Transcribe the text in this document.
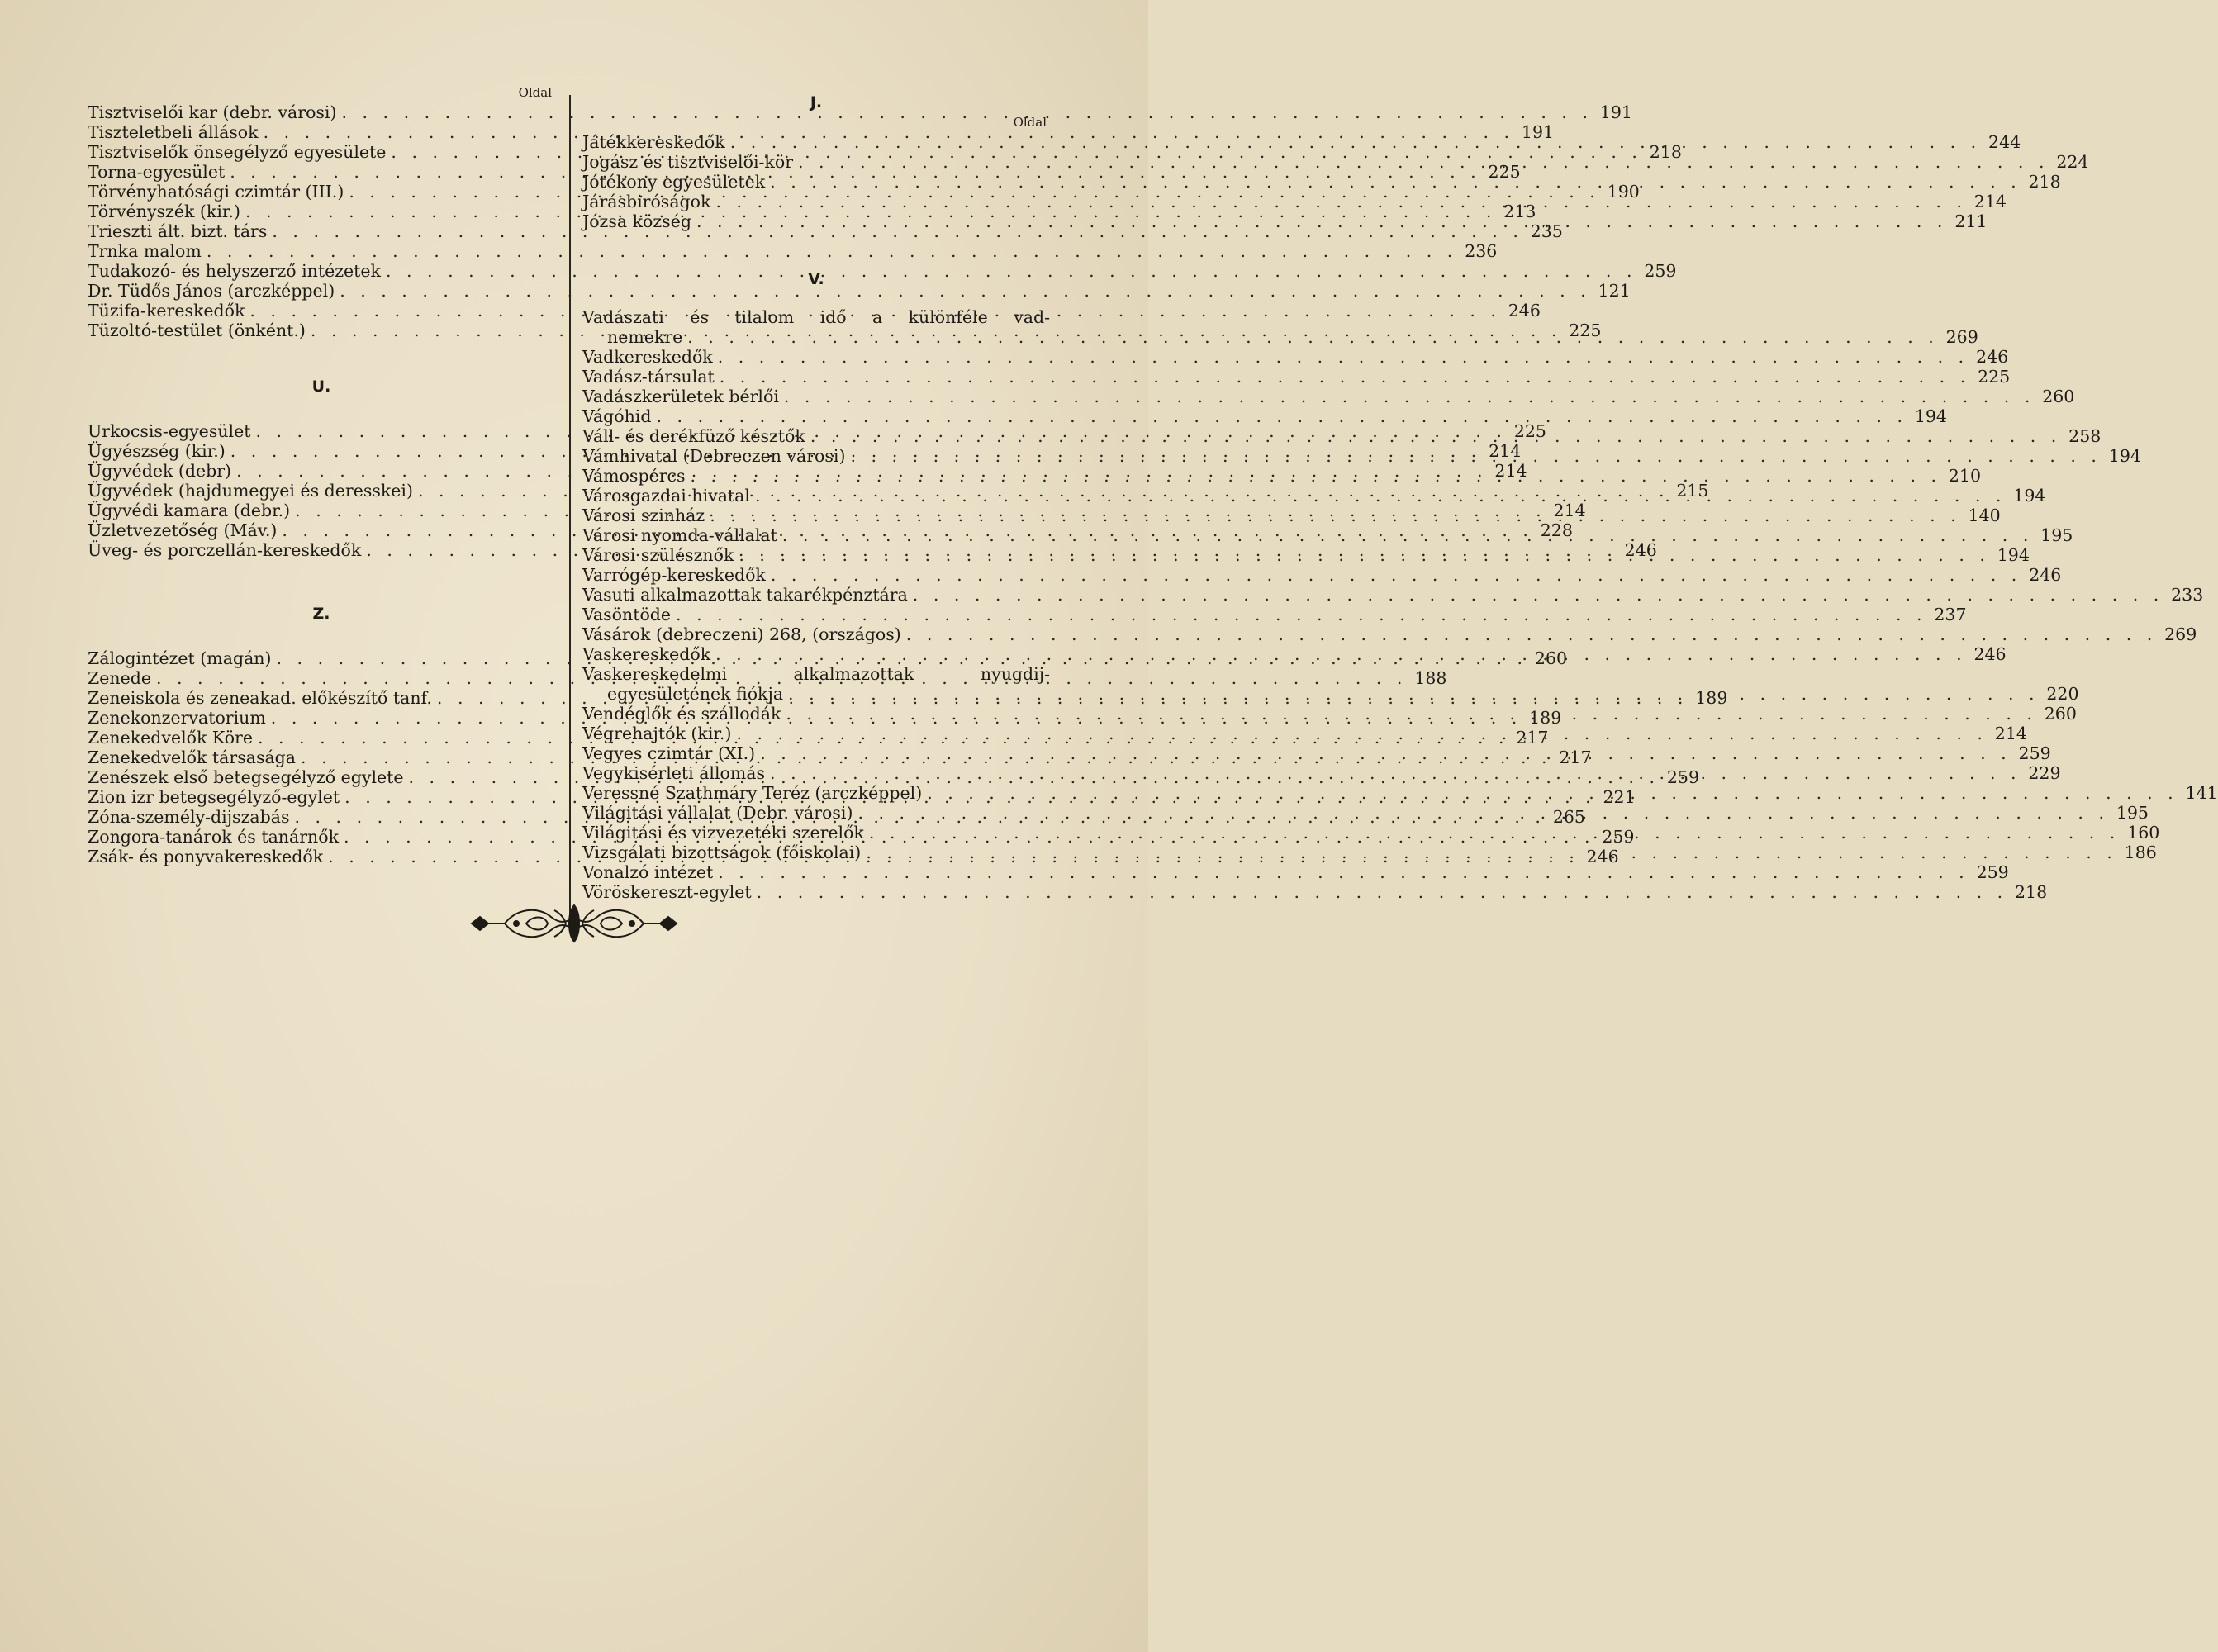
Oldal
Tisztviselői kar (debr. városi) . . .	191
Tiszteletbeli állások . . .	191
Tisztviselők önsegélyző egyesülete . . .	218
Torna-egyesület . . .	225
Törvényhatósági czimtár (III.) . . .	190
Törvényszék (kir.) . . .	213
Trieszti ált. bizt. társ . . .	235
Trnka malom . . .	236
Tudakozó- és helyszerző intézetek . . .	259
Dr. Tüdős János (arczképpel) . . .	121
Tüzifa-kereskedők . . .	246
Tüzoltó-testület (önként.) . . .	225
U.
Urkocsis-egyesület . . .	225
Ügyészség (kir.) . . .	214
Ügyvédek (debr) . . .	214
Ügyvédek (hajdumegyei és deresskei) . . .	215
Ügyvédi kamara (debr.) . . .	214
Üzletvezetőség (Máv.) . . .	228
Üveg- és porczellán-kereskedők . . .	246
Z.
Zálogintézet (magán) . . .	260
Zenede . . .	188
Zeneiskola és zeneakad. előkészítő tanf. . . .	189
Zenekonzervatorium . . .	189
Zenekedvelők Köre . . .	217
Zenekedvelők társasága . . .	217
Zenészek első betegsegélyző egylete . . .	259
Zion izr betegsegélyző-egylet . . .	221
Zóna-személy-dijszabás . . .	265
Zongora-tanárok és tanárnők . . .	259
Zsák- és ponyvakereskedők . . .	246
J.
Oldal
Játékkereskedők . . .	244
Jogász és tisztviselői-kör . . .	224
Jótékony egyesületek . . .	218
Járásbiróságok . . .	214
Józsa község . . .	211
V.
Vadászati és tilalom idő a különféle vad-
nemekre . . .	269
Vadkereskedők . . .	246
Vadász-társulat . . .	225
Vadászkerületek bérlői . . .	260
Vágóhid . . .	194
Váll- és derékfüző késztők . . .	258
Vámhivatal (Debreczen városi) . . .	194
Vámospércs . . .	210
Városgazdai hivatal . . .	194
Városi szinház . . .	140
Városi nyomda-vállalat . . .	195
Városi szülésznők . . .	194
Varrógép-kereskedők . . .	246
Vasuti alkalmazottak takarékpénztára . . .	233
Vasöntöde . . .	237
Vásárok (debreczeni) 268, (országos) . . .	269
Vaskereskedők . . .	246
Vaskereskedelmi alkalmazottak nyugdij-
egyesületének fiókja . . .	220
Vendéglők és szállodák . . .	260
Végrehajtók (kir.) . . .	214
Vegyes czimtár (XI.) . . .	259
Vegykisérleti állomás . . .	229
Veressné Szathmáry Teréz (arczképpel) . . .	141
Világitási vállalat (Debr. városi) . . .	195
Világitási és vizvezetéki szerelők . . .	160
Vizsgálati bizottságok (főiskolai) . . .	186
Vonalzó intézet . . .	259
Vöröskereszt-egylet . . .	218
